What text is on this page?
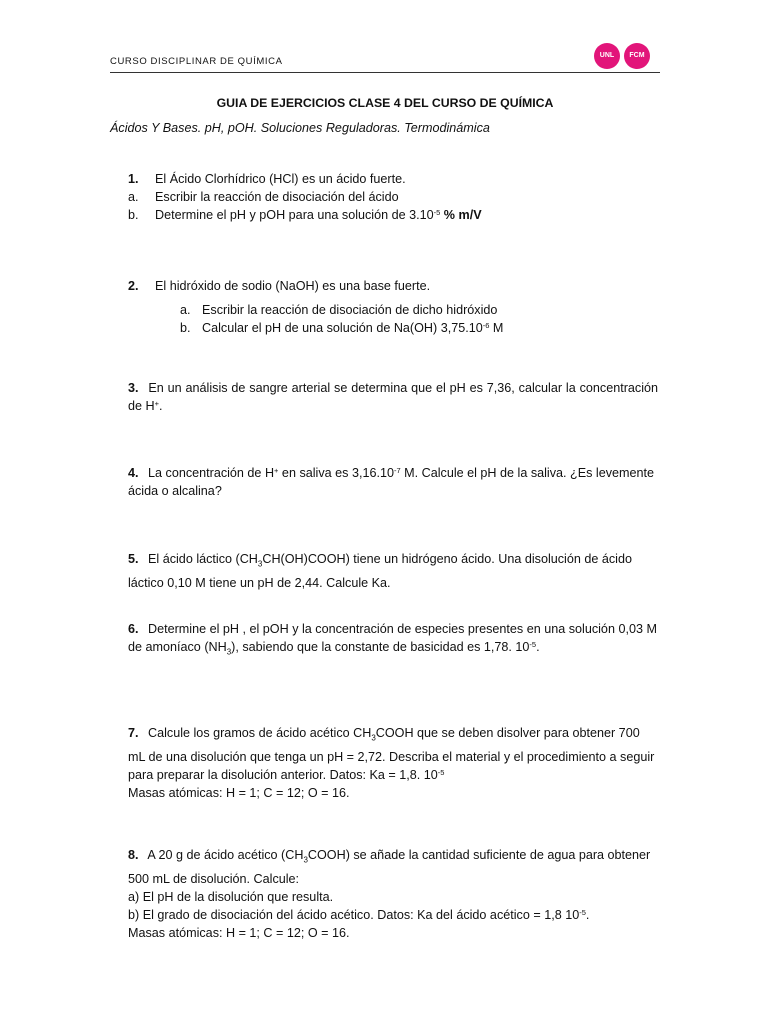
CURSO DISCIPLINAR DE QUÍMICA
UNL	FCM
GUIA DE EJERCICIOS CLASE 4 DEL CURSO DE QUÍMICA
Ácidos Y Bases. pH, pOH. Soluciones Reguladoras. Termodinámica
1. El Ácido Clorhídrico (HCl) es un ácido fuerte.
a. Escribir la reacción de disociación del ácido
b. Determine el pH y pOH para una solución de $3.10^{-5}$ % m/V
2. El hidróxido de sodio (NaOH) es una base fuerte.
a. Escribir la reacción de disociación de dicho hidróxido
b. Calcular el pH de una solución de Na(OH) $3,75.10^{-6}$ M
3. En un análisis de sangre arterial se determina que el pH es 7,36, calcular la concentración de H+.
4. La concentración de H+ en saliva es $3,16.10^{-7}$ M. Calcule el pH de la saliva. ¿Es levemente ácida o alcalina?
5. El ácido láctico $(CH_3CH(OH)COOH)$ tiene un hidrógeno ácido. Una disolución de ácido láctico 0,10 M tiene un pH de 2,44. Calcule Ka.
6. Determine el pH , el pOH y la concentración de especies presentes en una solución 0,03 M de amoníaco $(NH_3)$, sabiendo que la constante de basicidad es 1,78. $10^{-5}$.
7. Calcule los gramos de ácido acético $CH_3COOH$ que se deben disolver para obtener 700 mL de una disolución que tenga un pH = 2,72. Describa el material y el procedimiento a seguir para preparar la disolución anterior. Datos: Ka = 1,8. $10^{-5}$
Masas atómicas: H = 1; C = 12; O = 16.
8. A 20 g de ácido acético $(CH_3COOH)$ se añade la cantidad suficiente de agua para obtener 500 mL de disolución. Calcule:
a) El pH de la disolución que resulta.
b) El grado de disociación del ácido acético. Datos: Ka del ácido acético = 1,8 $10^{-5}$.
Masas atómicas: H = 1; C = 12; O = 16.
